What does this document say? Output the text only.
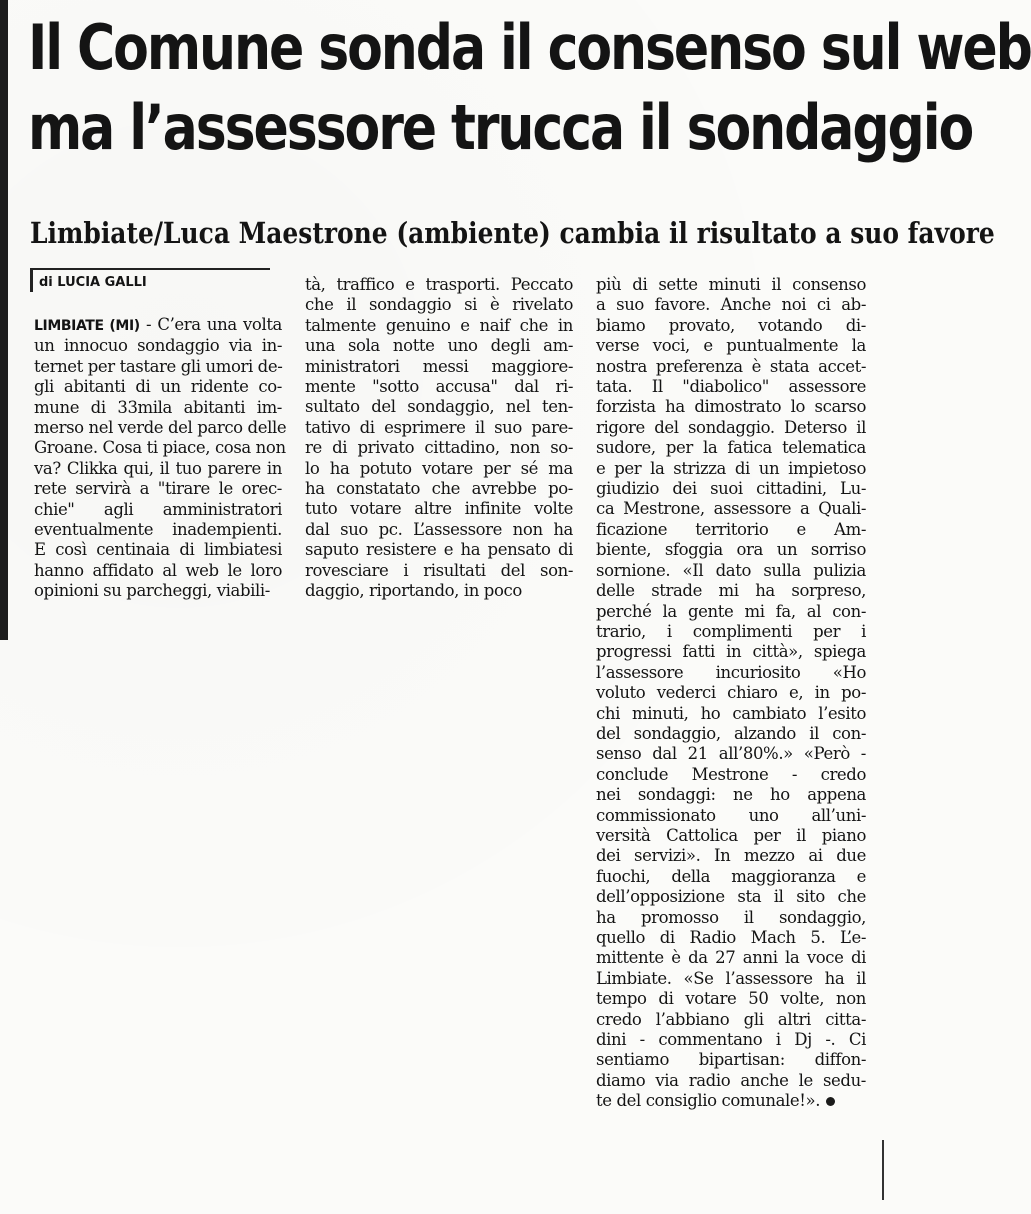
Il Comune sonda il consenso sul web
ma l’assessore trucca il sondaggio
Limbiate/Luca Maestrone (ambiente) cambia il risultato a suo favore
di LUCIA GALLI
LIMBIATE (MI) - C’era una volta
un innocuo sondaggio via in-
ternet per tastare gli umori de-
gli abitanti di un ridente co-
mune di 33mila abitanti im-
merso nel verde del parco delle
Groane. Cosa ti piace, cosa non
va? Clikka qui, il tuo parere in
rete servirà a "tirare le orec-
chie" agli amministratori
eventualmente inadempienti.
E così centinaia di limbiatesi
hanno affidato al web le loro
opinioni su parcheggi, viabili-
tà, traffico e trasporti. Peccato
che il sondaggio si è rivelato
talmente genuino e naif che in
una sola notte uno degli am-
ministratori messi maggiore-
mente "sotto accusa" dal ri-
sultato del sondaggio, nel ten-
tativo di esprimere il suo pare-
re di privato cittadino, non so-
lo ha potuto votare per sé ma
ha constatato che avrebbe po-
tuto votare altre infinite volte
dal suo pc. L’assessore non ha
saputo resistere e ha pensato di
rovesciare i risultati del son-
daggio, riportando, in poco
più di sette minuti il consenso
a suo favore. Anche noi ci ab-
biamo provato, votando di-
verse voci, e puntualmente la
nostra preferenza è stata accet-
tata. Il "diabolico" assessore
forzista ha dimostrato lo scarso
rigore del sondaggio. Deterso il
sudore, per la fatica telematica
e per la strizza di un impietoso
giudizio dei suoi cittadini, Lu-
ca Mestrone, assessore a Quali-
ficazione territorio e Am-
biente, sfoggia ora un sorriso
sornione. «Il dato sulla pulizia
delle strade mi ha sorpreso,
perché la gente mi fa, al con-
trario, i complimenti per i
progressi fatti in città», spiega
l’assessore incuriosito «Ho
voluto vederci chiaro e, in po-
chi minuti, ho cambiato l’esito
del sondaggio, alzando il con-
senso dal 21 all’80%.» «Però -
conclude Mestrone - credo
nei sondaggi: ne ho appena
commissionato uno all’uni-
versità Cattolica per il piano
dei servizi». In mezzo ai due
fuochi, della maggioranza e
dell’opposizione sta il sito che
ha promosso il sondaggio,
quello di Radio Mach 5. L’e-
mittente è da 27 anni la voce di
Limbiate. «Se l’assessore ha il
tempo di votare 50 volte, non
credo l’abbiano gli altri citta-
dini - commentano i Dj -. Ci
sentiamo bipartisan: diffon-
diamo via radio anche le sedu-
te del consiglio comunale!».
